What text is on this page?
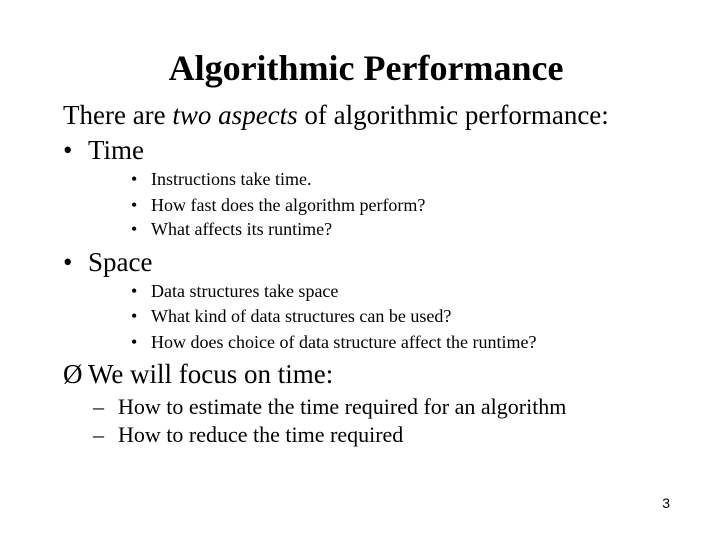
Algorithmic Performance
There are two aspects of algorithmic performance:
• Time
• Instructions take time.
• How fast does the algorithm perform?
• What affects its runtime?
• Space
• Data structures take space
• What kind of data structures can be used?
• How does choice of data structure affect the runtime?
Ø We will focus on time:
– How to estimate the time required for an algorithm
– How to reduce the time required
3
